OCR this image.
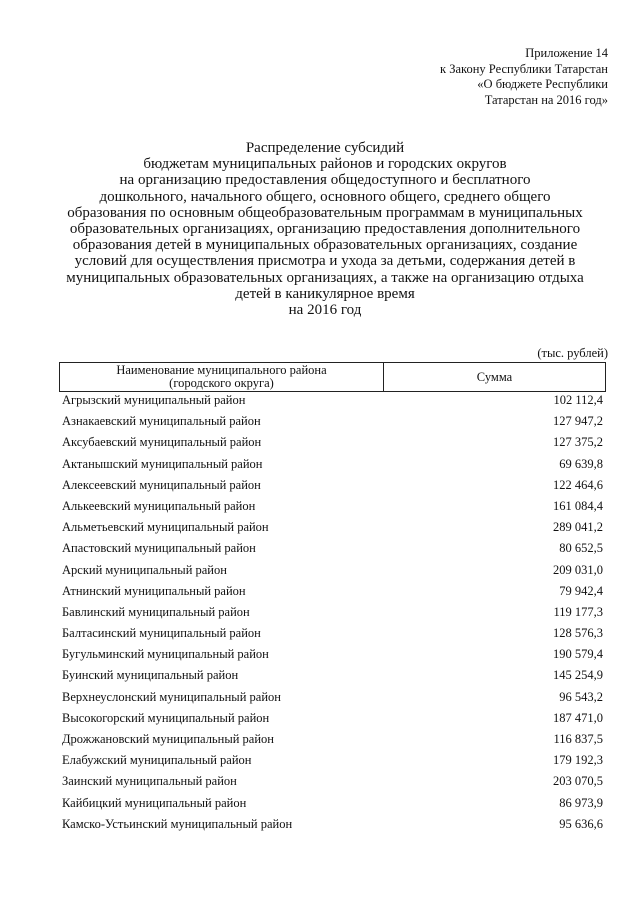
Приложение 14
к Закону Республики Татарстан
«О бюджете Республики
Татарстан на 2016 год»
Распределение субсидий
бюджетам муниципальных районов и городских округов
на организацию предоставления общедоступного и бесплатного
дошкольного, начального общего, основного общего, среднего общего
образования по основным общеобразовательным программам в муниципальных
образовательных организациях, организацию предоставления дополнительного
образования детей в муниципальных образовательных организациях, создание
условий для осуществления присмотра и ухода за детьми, содержания детей в
муниципальных образовательных организациях, а также на организацию отдыха
детей в каникулярное время
на 2016 год
(тыс. рублей)
Наименование муниципального района
(городского округа)	Сумма
Агрызский муниципальный район	102 112,4
Азнакаевский муниципальный район	127 947,2
Аксубаевский муниципальный район	127 375,2
Актанышский муниципальный район	69 639,8
Алексеевский муниципальный район	122 464,6
Алькеевский муниципальный район	161 084,4
Альметьевский муниципальный район	289 041,2
Апастовский муниципальный район	80 652,5
Арский муниципальный район	209 031,0
Атнинский муниципальный район	79 942,4
Бавлинский муниципальный район	119 177,3
Балтасинский муниципальный район	128 576,3
Бугульминский муниципальный район	190 579,4
Буинский муниципальный район	145 254,9
Верхнеуслонский муниципальный район	96 543,2
Высокогорский муниципальный район	187 471,0
Дрожжановский муниципальный район	116 837,5
Елабужский муниципальный район	179 192,3
Заинский муниципальный район	203 070,5
Кайбицкий муниципальный район	86 973,9
Камско-Устьинский муниципальный район	95 636,6
